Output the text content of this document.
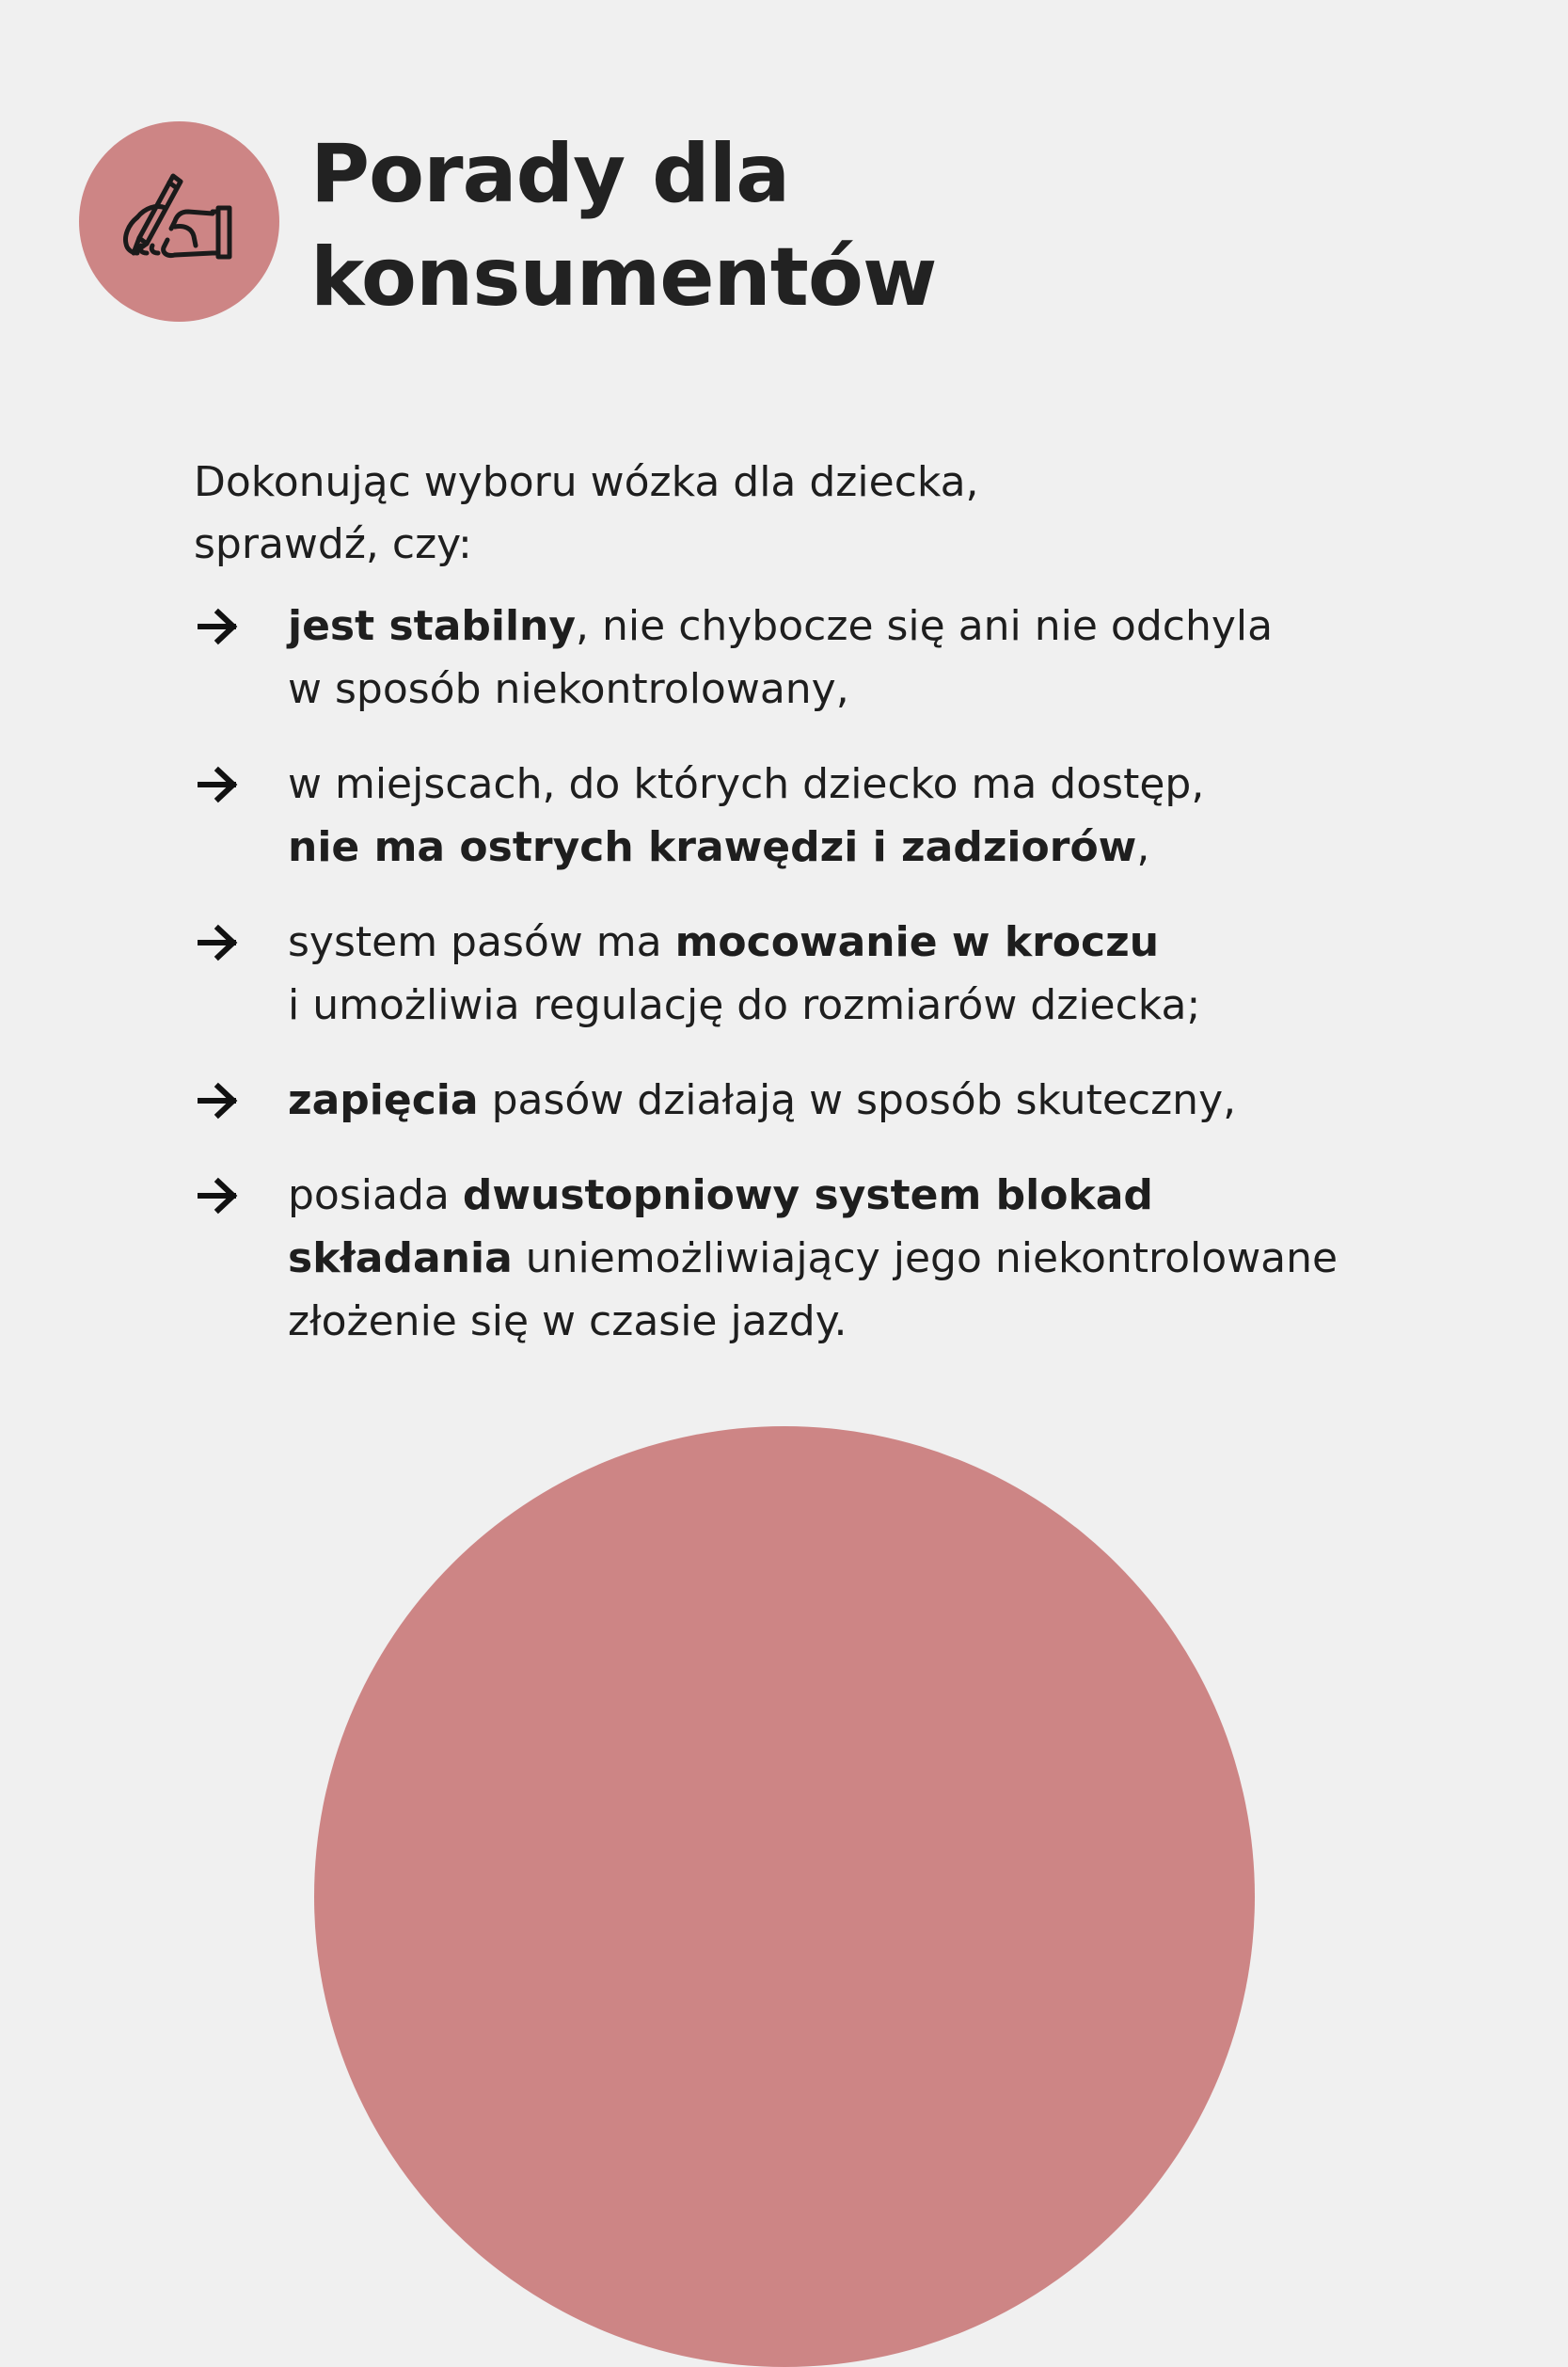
Porady dla
konsumentów

Dokonując wyboru wózka dla dziecka,
sprawdź, czy:

jest stabilny, nie chybocze się ani nie odchyla
w sposób niekontrolowany,
w miejscach, do których dziecko ma dostęp,
nie ma ostrych krawędzi i zadziorów,
system pasów ma mocowanie w kroczu
i umożliwia regulację do rozmiarów dziecka;
zapięcia pasów działają w sposób skuteczny,
posiada dwustopniowy system blokad
składania uniemożliwiający jego niekontrolowane
złożenie się w czasie jazdy.
